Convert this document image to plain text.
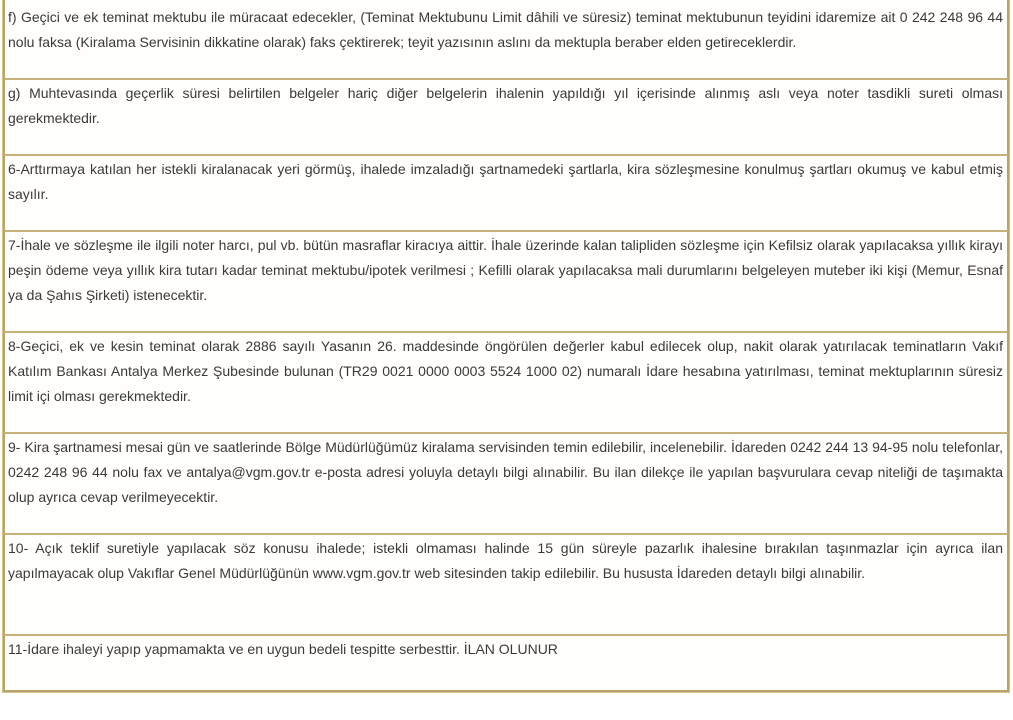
f) Geçici ve ek teminat mektubu ile müracaat edecekler, (Teminat Mektubunu Limit dâhili ve süresiz) teminat mektubunun teyidini idaremize ait 0 242 248 96 44 nolu faksa (Kiralama Servisinin dikkatine olarak) faks çektirerek; teyit yazısının aslını da mektupla beraber elden getireceklerdir.
g) Muhtevasında geçerlik süresi belirtilen belgeler hariç diğer belgelerin ihalenin yapıldığı yıl içerisinde alınmış aslı veya noter tasdikli sureti olması gerekmektedir.
6-Arttırmaya katılan her istekli kiralanacak yeri görmüş, ihalede imzaladığı şartnamedeki şartlarla, kira sözleşmesine konulmuş şartları okumuş ve kabul etmiş sayılır.
7-İhale ve sözleşme ile ilgili noter harcı, pul vb. bütün masraflar kiracıya aittir. İhale üzerinde kalan talipliden sözleşme için Kefilsiz olarak yapılacaksa yıllık kirayı peşin ödeme veya yıllık kira tutarı kadar teminat mektubu/ipotek verilmesi ; Kefilli olarak yapılacaksa mali durumlarını belgeleyen muteber iki kişi (Memur, Esnaf ya da Şahıs Şirketi) istenecektir.
8-Geçici, ek ve kesin teminat olarak 2886 sayılı Yasanın 26. maddesinde öngörülen değerler kabul edilecek olup, nakit olarak yatırılacak teminatların Vakıf Katılım Bankası Antalya Merkez Şubesinde bulunan (TR29 0021 0000 0003 5524 1000 02) numaralı İdare hesabına yatırılması, teminat mektuplarının süresiz limit içi olması gerekmektedir.
9- Kira şartnamesi mesai gün ve saatlerinde Bölge Müdürlüğümüz kiralama servisinden temin edilebilir, incelenebilir. İdareden 0242 244 13 94-95 nolu telefonlar, 0242 248 96 44 nolu fax ve antalya@vgm.gov.tr e-posta adresi yoluyla detaylı bilgi alınabilir. Bu ilan dilekçe ile yapılan başvurulara cevap niteliği de taşımakta olup ayrıca cevap verilmeyecektir.
10- Açık teklif suretiyle yapılacak söz konusu ihalede; istekli olmaması halinde 15 gün süreyle pazarlık ihalesine bırakılan taşınmazlar için ayrıca ilan yapılmayacak olup Vakıflar Genel Müdürlüğünün www.vgm.gov.tr web sitesinden takip edilebilir. Bu hususta İdareden detaylı bilgi alınabilir.
11-İdare ihaleyi yapıp yapmamakta ve en uygun bedeli tespitte serbesttir. İLAN OLUNUR
